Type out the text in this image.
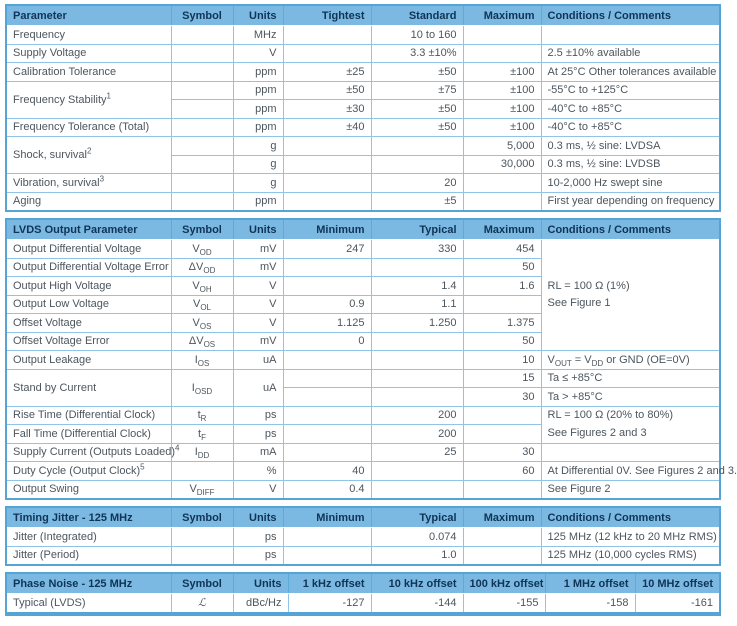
Parameter	Symbol	Units	Tightest	Standard	Maximum	Conditions / Comments
Frequency		MHz		10 to 160		
Supply Voltage		V		3.3 ±10%		2.5 ±10% available
Calibration Tolerance		ppm	±25	±50	±100	At 25°C Other tolerances available
Frequency Stability$^1$		ppm	±50	±75	±100	-55°C to +125°C
		ppm	±30	±50	±100	-40°C to +85°C
Frequency Tolerance (Total)		ppm	±40	±50	±100	-40°C to +85°C
Shock, survival$^2$		g			5,000	0.3 ms, ½ sine: LVDSA
		g			30,000	0.3 ms, ½ sine: LVDSB
Vibration, survival$^3$		g		20		10-2,000 Hz swept sine
Aging		ppm		±5		First year depending on frequency
LVDS Output Parameter	Symbol	Units	Minimum	Typical	Maximum	Conditions / Comments
Output Differential Voltage	$V_{OD}$	mV	247	330	454	RL = 100 Ω (1%)
See Figure 1
Output Differential Voltage Error	$\Delta V_{OD}$	mV			50	
Output High Voltage	$V_{OH}$	V		1.4	1.6	
Output Low Voltage	$V_{OL}$	V	0.9	1.1		
Offset Voltage	$V_{OS}$	V	1.125	1.250	1.375	
Offset Voltage Error	$\Delta V_{OS}$	mV	0		50	
Output Leakage	$I_{OS}$	uA			10	$V_{OUT} = V_{DD}$ or GND (OE=0V)
Stand by Current	$I_{OSD}$	uA			15	Ta ≤ +85°C
					30	Ta > +85°C
Rise Time (Differential Clock)	$t_R$	ps		200		RL = 100 Ω (20% to 80%)
See Figures 2 and 3
Fall Time (Differential Clock)	$t_F$	ps		200		
Supply Current (Outputs Loaded)$^4$	$I_{DD}$	mA		25	30	
Duty Cycle (Output Clock)$^5$		%	40		60	At Differential 0V. See Figures 2 and 3.
Output Swing	$V_{DIFF}$	V	0.4			See Figure 2
Timing Jitter - 125 MHz	Symbol	Units	Minimum	Typical	Maximum	Conditions / Comments
Jitter (Integrated)		ps		0.074		125 MHz (12 kHz to 20 MHz RMS)
Jitter (Period)		ps		1.0		125 MHz (10,000 cycles RMS)
Phase Noise - 125 MHz	Symbol	Units	1 kHz offset	10 kHz offset	100 kHz offset	1 MHz offset	10 MHz offset
Typical (LVDS)	ℒ	dBc/Hz	-127	-144	-155	-158	-161
